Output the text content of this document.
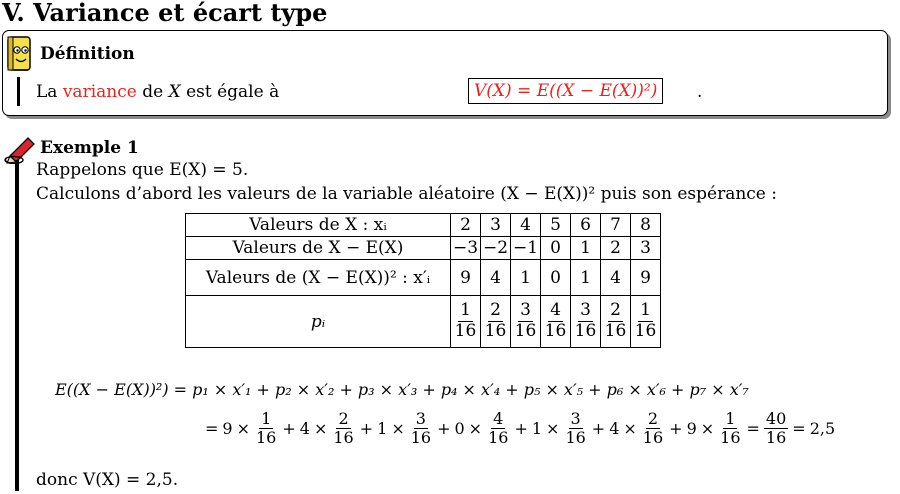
V. Variance et écart type
Définition
La variance de X est égale à	V(X) = E((X − E(X))²)	.
Exemple 1
Rappelons que E(X) = 5.
Calculons d’abord les valeurs de la variable aléatoire (X − E(X))² puis son espérance :
Valeurs de X : xᵢ	2	3	4	5	6	7	8
Valeurs de X − E(X)	−3	−2	−1	0	1	2	3
Valeurs de (X − E(X))² : x′ᵢ	9	4	1	0	1	4	9
pᵢ	$\frac{1}{16}$	$\frac{2}{16}$	$\frac{3}{16}$	$\frac{4}{16}$	$\frac{3}{16}$	$\frac{2}{16}$	$\frac{1}{16}$
E((X − E(X))²) = p₁ × x′₁ + p₂ × x′₂ + p₃ × x′₃ + p₄ × x′₄ + p₅ × x′₅ + p₆ × x′₆ + p₇ × x′₇
= $9 \times \frac{1}{16} + 4 \times \frac{2}{16} + 1 \times \frac{3}{16} + 0 \times \frac{4}{16} + 1 \times \frac{3}{16} + 4 \times \frac{2}{16} + 9 \times \frac{1}{16} = \frac{40}{16} = 2,5$
donc V(X) = 2,5.
